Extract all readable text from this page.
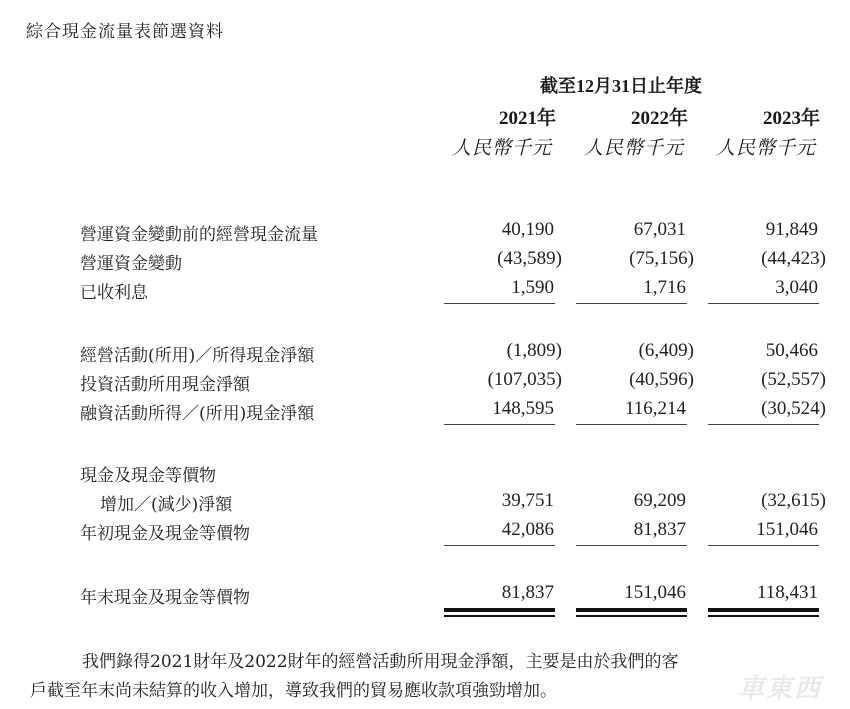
綜合現金流量表節選資料
截至12月31日止年度
2021年	2022年	2023年
人民幣千元	人民幣千元	人民幣千元
營運資金變動前的經營現金流量	40,190	67,031	91,849
營運資金變動	(43,589)	(75,156)	(44,423)
已收利息	1,590	1,716	3,040
經營活動(所用)／所得現金淨額	(1,809)	(6,409)	50,466
投資活動所用現金淨額	(107,035)	(40,596)	(52,557)
融資活動所得／(所用)現金淨額	148,595	116,214	(30,524)
現金及現金等價物
增加／(減少)淨額	39,751	69,209	(32,615)
年初現金及現金等價物	42,086	81,837	151,046
年末現金及現金等價物	81,837	151,046	118,431
我們錄得2021財年及2022財年的經營活動所用現金淨額，主要是由於我們的客
戶截至年末尚未結算的收入增加，導致我們的貿易應收款項強勁增加。	車東西
